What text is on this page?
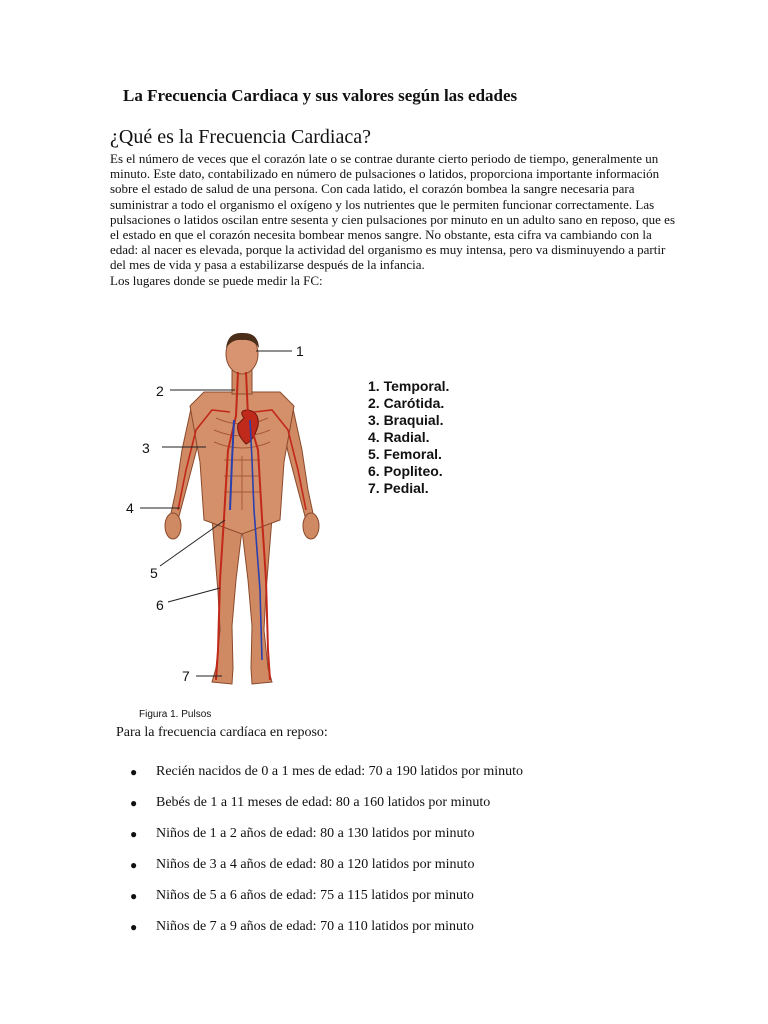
La Frecuencia Cardiaca y sus valores según las edades
¿Qué es la Frecuencia Cardiaca?

Es el número de veces que el corazón late o se contrae durante cierto periodo de tiempo, generalmente un minuto. Este dato, contabilizado en número de pulsaciones o latidos, proporciona importante información sobre el estado de salud de una persona. Con cada latido, el corazón bombea la sangre necesaria para suministrar a todo el organismo el oxígeno y los nutrientes que le permiten funcionar correctamente. Las pulsaciones o latidos oscilan entre sesenta y cien pulsaciones por minuto en un adulto sano en reposo, que es el estado en que el corazón necesita bombear menos sangre. No obstante, esta cifra va cambiando con la edad: al nacer es elevada, porque la actividad del organismo es muy intensa, pero va disminuyendo a partir del mes de vida y pasa a estabilizarse después de la infancia.

Los lugares donde se puede medir la FC:

1
2
3
4
5
6
7
1. Temporal.
2. Carótida.
3. Braquial.
4. Radial.
5. Femoral.
6. Popliteo.
7. Pedial.
Figura 1. Pulsos
Para la frecuencia cardíaca en reposo:
● Recién nacidos de 0 a 1 mes de edad: 70 a 190 latidos por minuto
● Bebés de 1 a 11 meses de edad: 80 a 160 latidos por minuto
● Niños de 1 a 2 años de edad: 80 a 130 latidos por minuto
● Niños de 3 a 4 años de edad: 80 a 120 latidos por minuto
● Niños de 5 a 6 años de edad: 75 a 115 latidos por minuto
● Niños de 7 a 9 años de edad: 70 a 110 latidos por minuto
